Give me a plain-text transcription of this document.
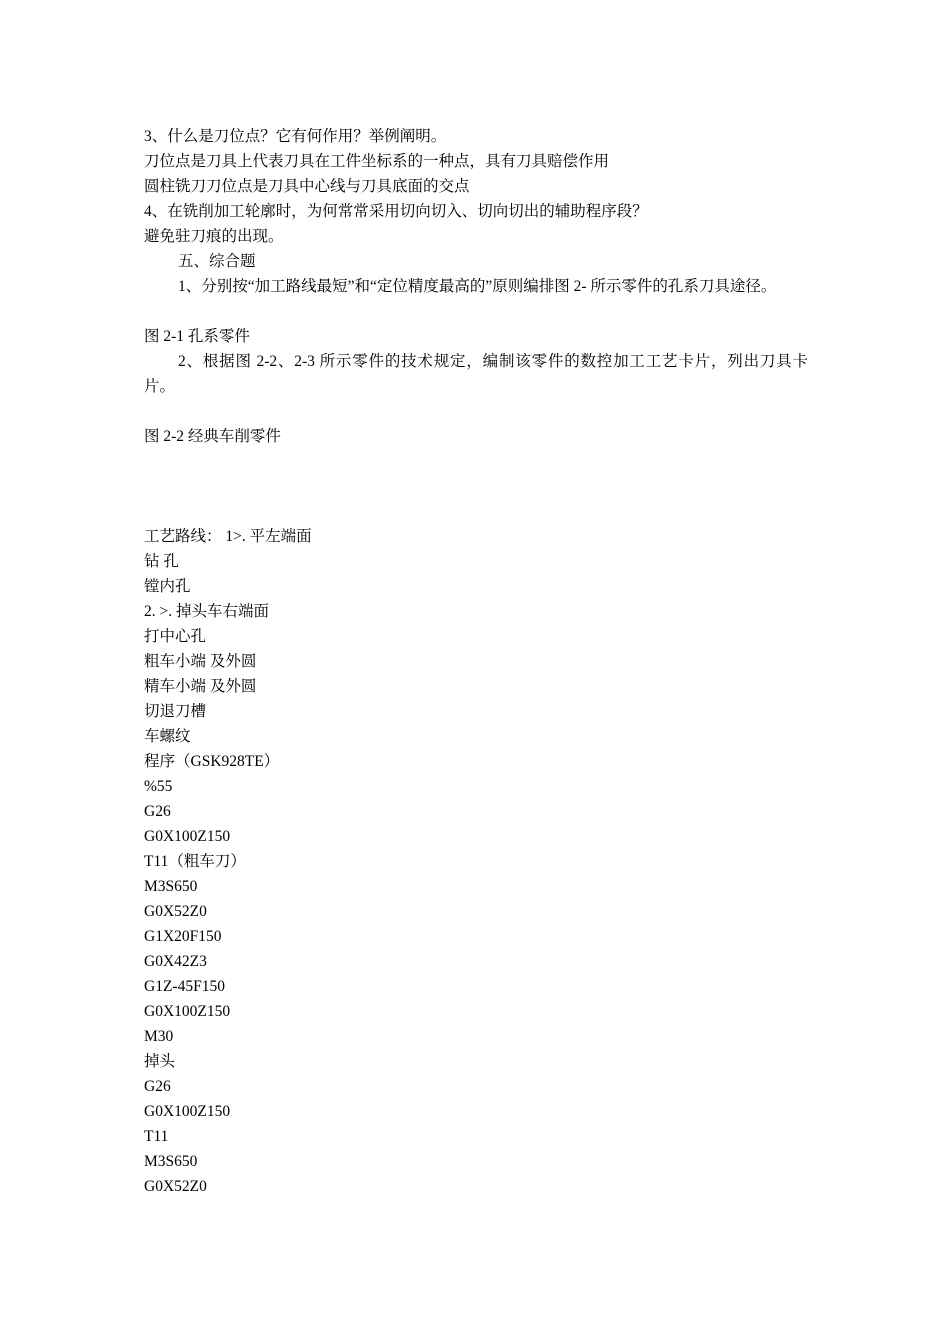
3、什么是刀位点？它有何作用？举例阐明。

刀位点是刀具上代表刀具在工件坐标系的一种点，具有刀具赔偿作用

圆柱铣刀刀位点是刀具中心线与刀具底面的交点

4、在铣削加工轮廓时，为何常常采用切向切入、切向切出的辅助程序段？

避免驻刀痕的出现。

五、综合题

1、分别按“加工路线最短”和“定位精度最高的”原则编排图 2- 所示零件的孔系刀具途径。

图 2-1 孔系零件

2、根据图 2-2、2-3 所示零件的技术规定，编制该零件的数控加工工艺卡片，列出刀具卡片。

图 2-2 经典车削零件

工艺路线： 1>. 平左端面

钻 孔

镗内孔

2. >. 掉头车右端面

打中心孔

粗车小端 及外圆

精车小端 及外圆

切退刀槽

车螺纹

程序（GSK928TE）

%55

G26

G0X100Z150

T11（粗车刀）

M3S650

G0X52Z0

G1X20F150

G0X42Z3

G1Z-45F150

G0X100Z150

M30

掉头

G26

G0X100Z150

T11

M3S650

G0X52Z0
